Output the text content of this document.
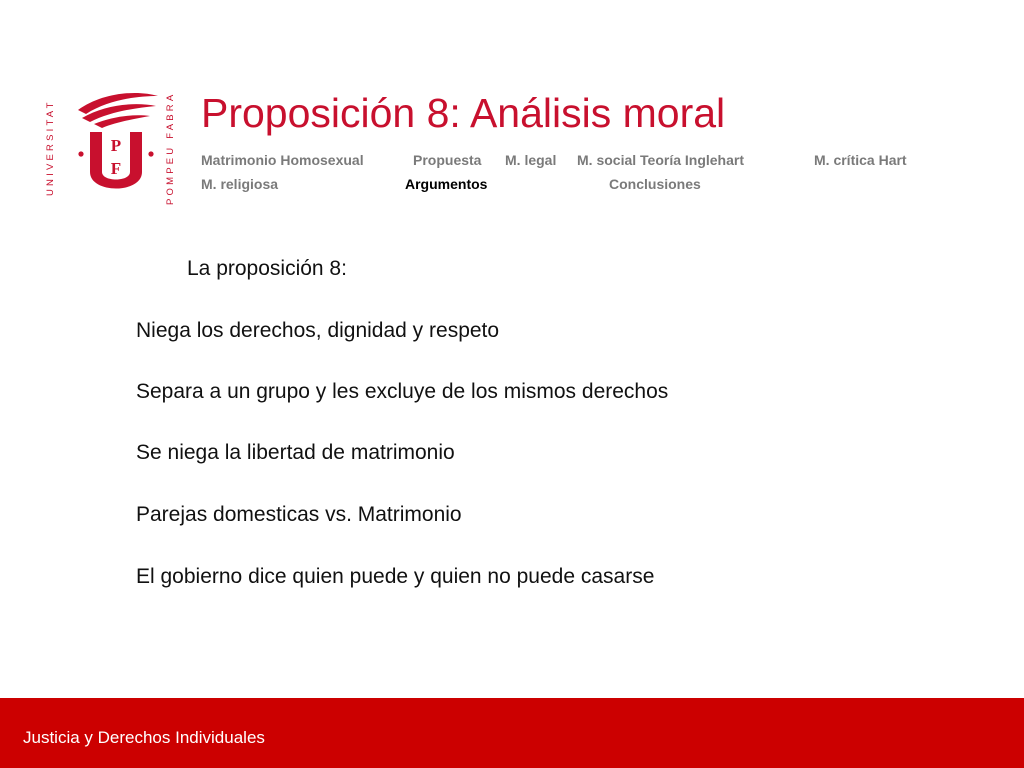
UNIVERSITAT	P
F	POMPEU FABRA Proposición 8: Análisis moral
Matrimonio Homosexual	Propuesta M. legal M. social Teoría Inglehart	M. crítica Hart
M. religiosa	Argumentos	Conclusiones
La proposición 8:
Niega los derechos, dignidad y respeto
Separa a un grupo y les excluye de los mismos derechos
Se niega la libertad de matrimonio
Parejas domesticas vs. Matrimonio
El gobierno dice quien puede y quien no puede casarse
Justicia y Derechos Individuales
